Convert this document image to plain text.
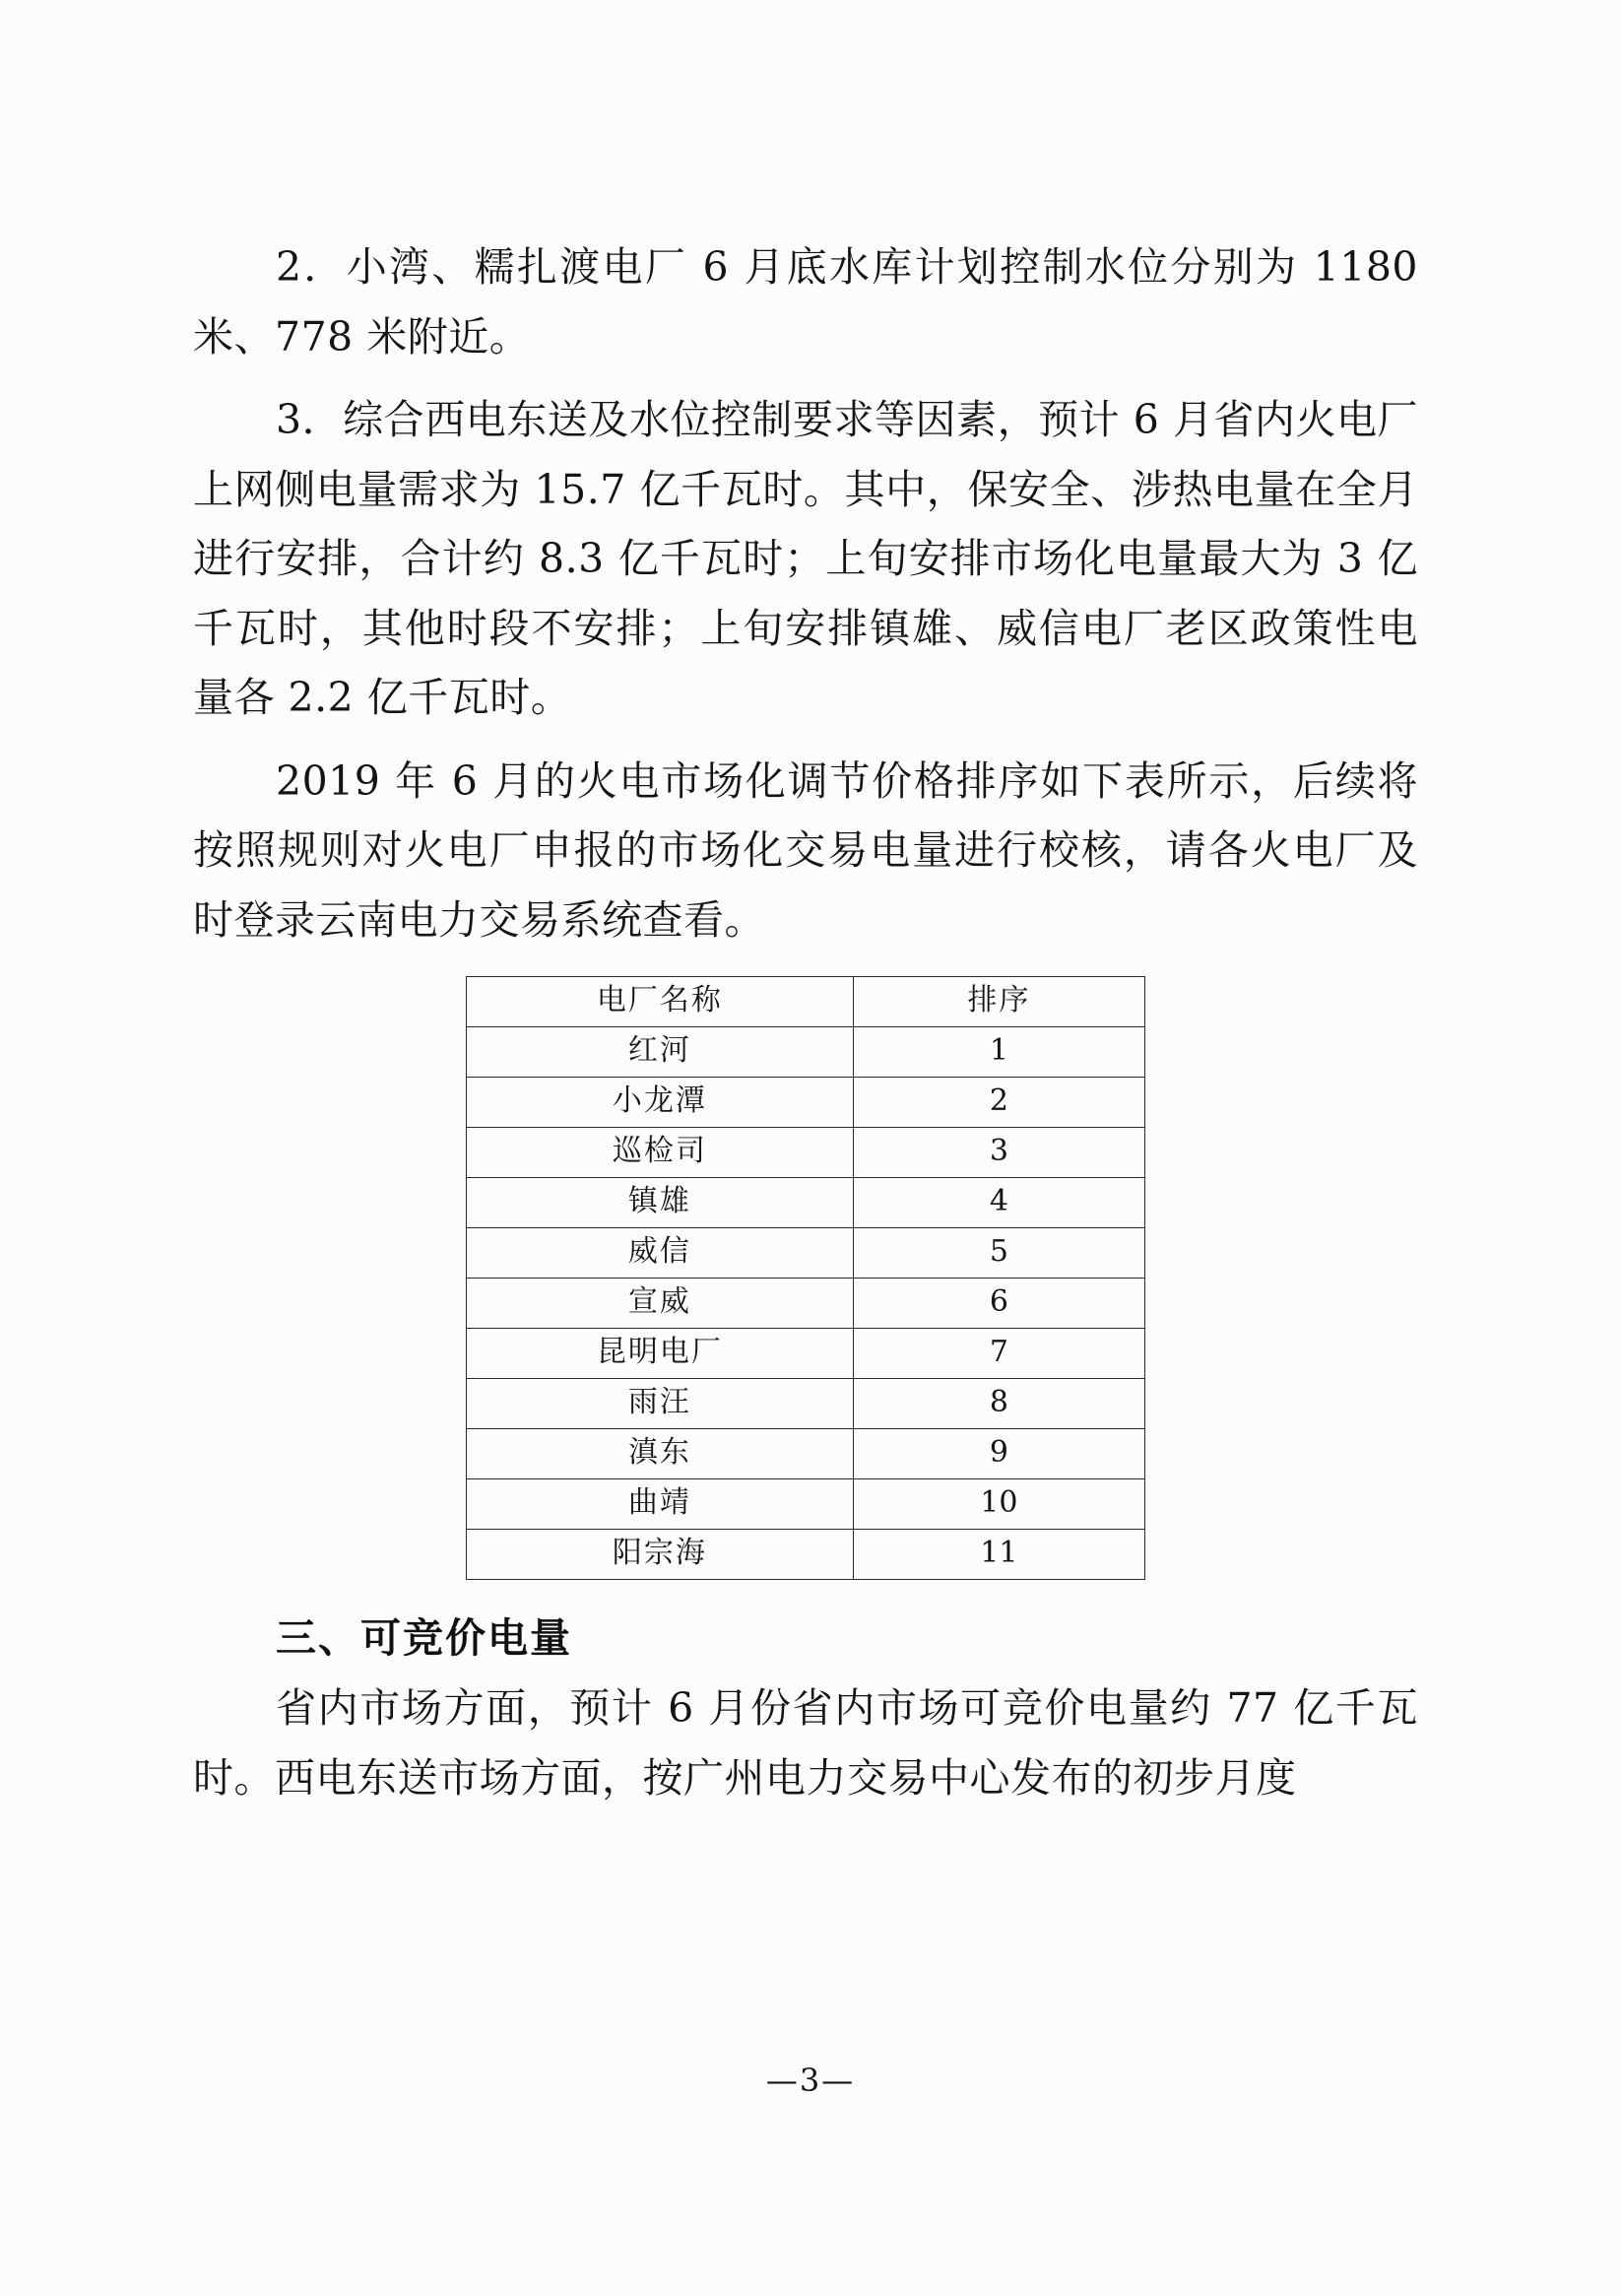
2．小湾、糯扎渡电厂 6 月底水库计划控制水位分别为 1180 米、778 米附近。

3．综合西电东送及水位控制要求等因素，预计 6 月省内火电厂上网侧电量需求为 15.7 亿千瓦时。其中，保安全、涉热电量在全月进行安排，合计约 8.3 亿千瓦时；上旬安排市场化电量最大为 3 亿千瓦时，其他时段不安排；上旬安排镇雄、威信电厂老区政策性电量各 2.2 亿千瓦时。

2019 年 6 月的火电市场化调节价格排序如下表所示，后续将按照规则对火电厂申报的市场化交易电量进行校核，请各火电厂及时登录云南电力交易系统查看。

电厂名称	排序
红河	1
小龙潭	2
巡检司	3
镇雄	4
威信	5
宣威	6
昆明电厂	7
雨汪	8
滇东	9
曲靖	10
阳宗海	11
三、可竞价电量

省内市场方面，预计 6 月份省内市场可竞价电量约 77 亿千瓦时。西电东送市场方面，按广州电力交易中心发布的初步月度

—3—
